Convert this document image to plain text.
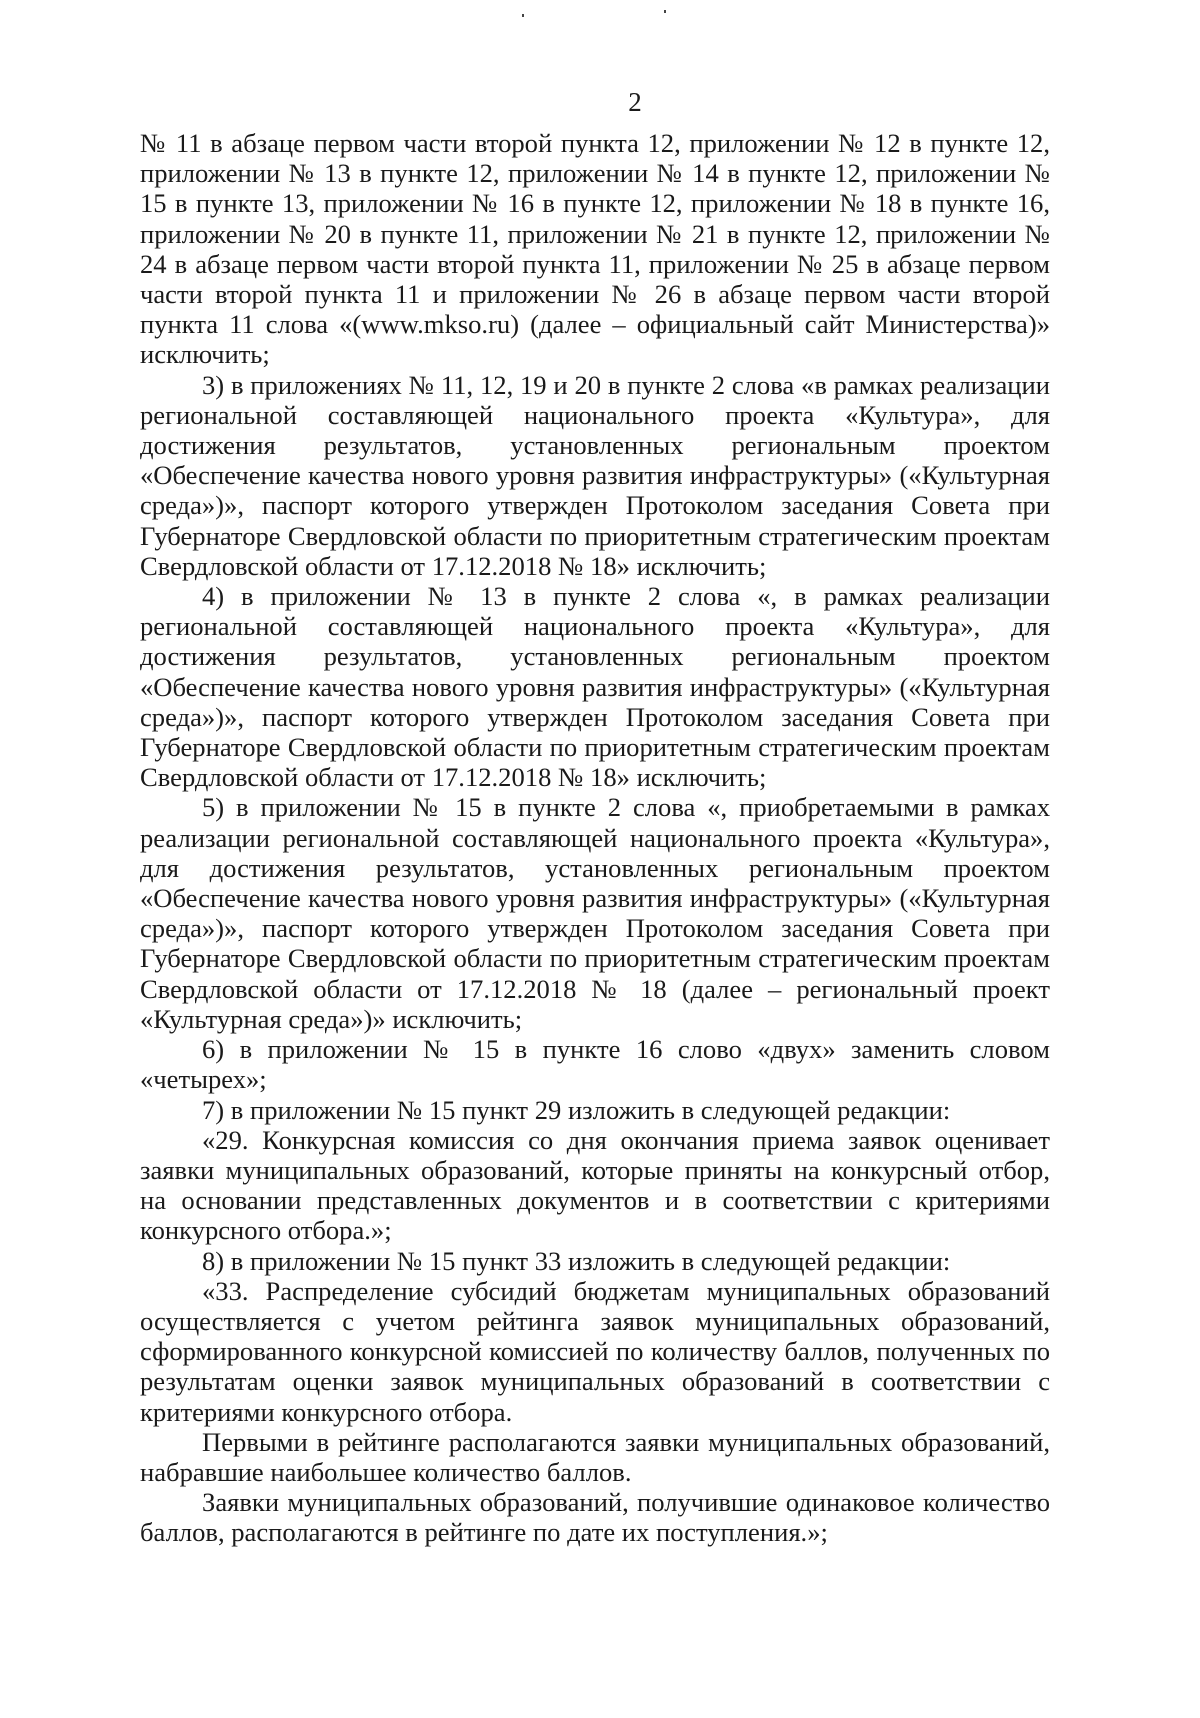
2

№ 11 в абзаце первом части второй пункта 12, приложении № 12 в пункте 12, приложении № 13 в пункте 12, приложении № 14 в пункте 12, приложении № 15 в пункте 13, приложении № 16 в пункте 12, приложении № 18 в пункте 16, приложении № 20 в пункте 11, приложении № 21 в пункте 12, приложении № 24 в абзаце первом части второй пункта 11, приложении № 25 в абзаце первом части второй пункта 11 и приложении № 26 в абзаце первом части второй пункта 11 слова «(www.mkso.ru) (далее – официальный сайт Министерства)» исключить;

3) в приложениях № 11, 12, 19 и 20 в пункте 2 слова «в рамках реализации региональной составляющей национального проекта «Культура», для достижения результатов, установленных региональным проектом «Обеспечение качества нового уровня развития инфраструктуры» («Культурная среда»)», паспорт которого утвержден Протоколом заседания Совета при Губернаторе Свердловской области по приоритетным стратегическим проектам Свердловской области от 17.12.2018 № 18» исключить;

4) в приложении № 13 в пункте 2 слова «, в рамках реализации региональной составляющей национального проекта «Культура», для достижения результатов, установленных региональным проектом «Обеспечение качества нового уровня развития инфраструктуры» («Культурная среда»)», паспорт которого утвержден Протоколом заседания Совета при Губернаторе Свердловской области по приоритетным стратегическим проектам Свердловской области от 17.12.2018 № 18» исключить;

5) в приложении № 15 в пункте 2 слова «, приобретаемыми в рамках реализации региональной составляющей национального проекта «Культура», для достижения результатов, установленных региональным проектом «Обеспечение качества нового уровня развития инфраструктуры» («Культурная среда»)», паспорт которого утвержден Протоколом заседания Совета при Губернаторе Свердловской области по приоритетным стратегическим проектам Свердловской области от 17.12.2018 № 18 (далее – региональный проект «Культурная среда»)» исключить;

6) в приложении № 15 в пункте 16 слово «двух» заменить словом «четырех»;

7) в приложении № 15 пункт 29 изложить в следующей редакции:

«29. Конкурсная комиссия со дня окончания приема заявок оценивает заявки муниципальных образований, которые приняты на конкурсный отбор, на основании представленных документов и в соответствии с критериями конкурсного отбора.»;

8) в приложении № 15 пункт 33 изложить в следующей редакции:

«33. Распределение субсидий бюджетам муниципальных образований осуществляется с учетом рейтинга заявок муниципальных образований, сформированного конкурсной комиссией по количеству баллов, полученных по результатам оценки заявок муниципальных образований в соответствии с критериями конкурсного отбора.

Первыми в рейтинге располагаются заявки муниципальных образований, набравшие наибольшее количество баллов.

Заявки муниципальных образований, получившие одинаковое количество баллов, располагаются в рейтинге по дате их поступления.»;
